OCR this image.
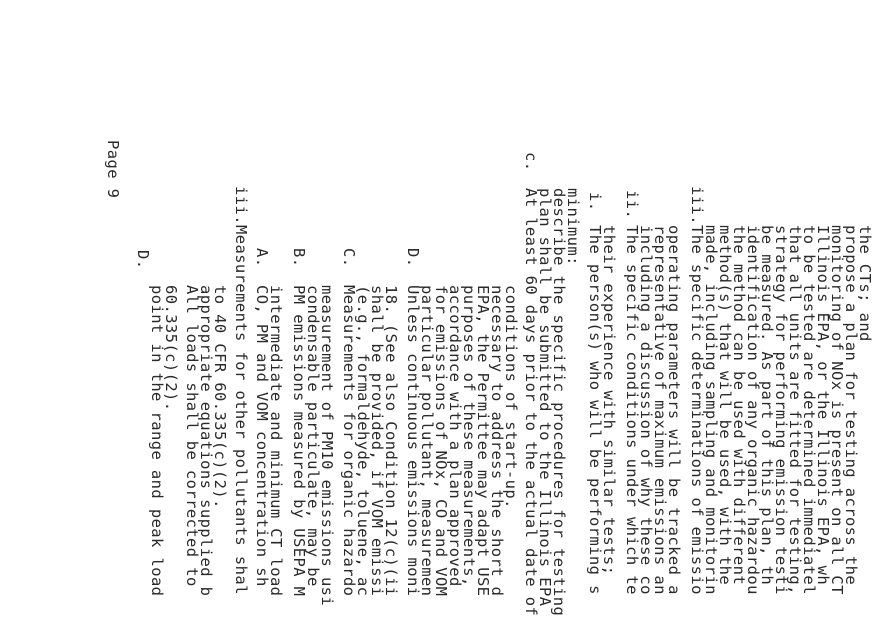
Page 9
D.
point in the range and peak load
60.335(c)(2). All loads shall be corrected to
appropriate equations supplied b
to 40 CFR 60.335(c)(2).
iii.
Measurements for other pollutants shal A.
CO, PM and VOM concentration sh
intermediate and minimum CT load
B.
PM emissions measured by USEPA M
condensable particulate, may be
measurement of PM10 emissions usi
C.
Measurements for organic hazardo
(e.g., formaldehyde, toluene, ac
shall be provided, if VOM emissi
18. (See also Condition 12(c)(ii
D.
Unless continuous emissions moni
particular pollutant, measuremen
for emissions of NOx, CO and VOM
accordance with a plan approved
purposes of these measurements,
EPA, the Permittee may adapt USE
necessary to address the short d
conditions of start-up.
c.
At least 60 days prior to the actual date of
plan shall be submitted to the Illinois EPA
describe the specific procedures for testing
minimum: i.
The person(s) who will be performing s
their experience with similar tests;
ii.
The specific conditions under which te
including a discussion of why these co
representative of maximum emissions an
operating parameters will be tracked a
iii.
The specific determinations of emissio
made, including sampling and monitorin
method(s) that will be used, with the
the method can be used with different
identification of any organic hazardou
be measured. As part of this plan, th
strategy for performing emission testi
that all units are fitted for testing,
to be tested are determined immediatel
Illinois EPA, or the Illinois EPA, wh
monitoring of NOx is present on all CT
propose a plan for testing across the
the CTs; and
